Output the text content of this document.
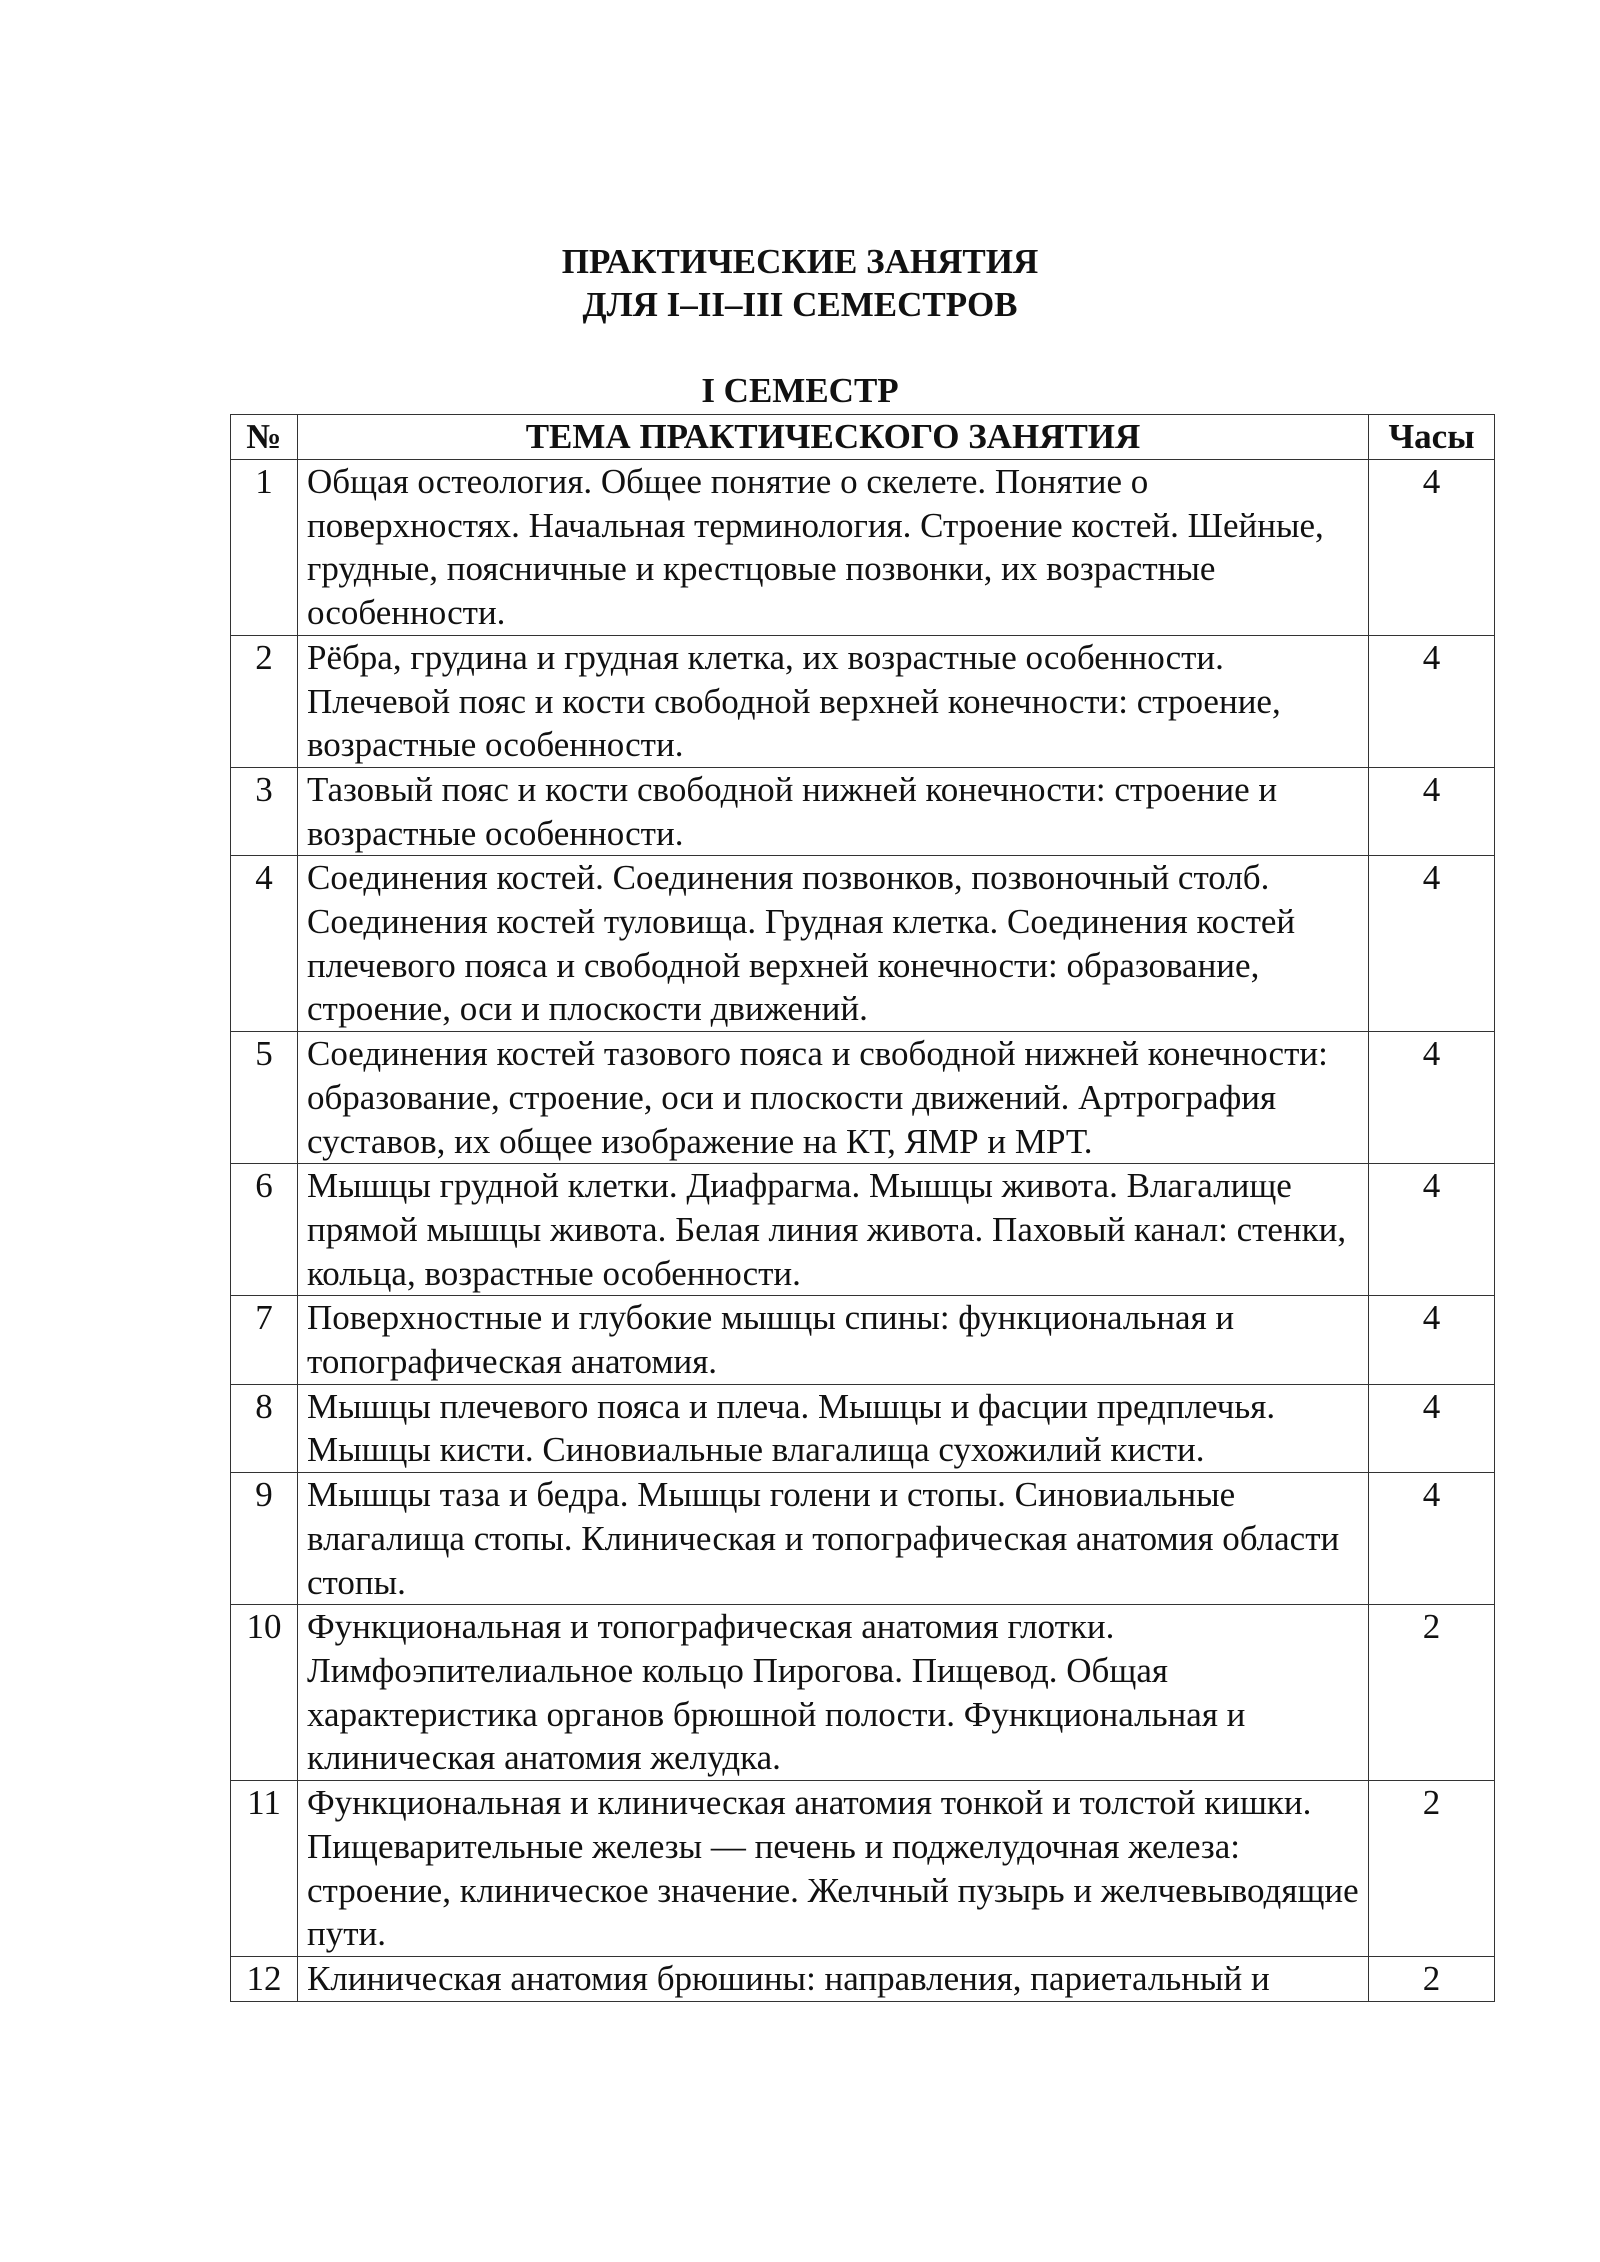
ПРАКТИЧЕСКИЕ ЗАНЯТИЯ
ДЛЯ I–II–III СЕМЕСТРОВ
I СЕМЕСТР
№	ТЕМА ПРАКТИЧЕСКОГО ЗАНЯТИЯ	Часы
1	Общая остеология. Общее понятие о скелете. Понятие о поверхностях. Начальная терминология. Строение костей. Шейные, грудные, поясничные и крестцовые позвонки, их возрастные особенности.	4
2	Рёбра, грудина и грудная клетка, их возрастные особенности. Плечевой пояс и кости свободной верхней конечности: строение, возрастные особенности.	4
3	Тазовый пояс и кости свободной нижней конечности: строение и возрастные особенности.	4
4	Соединения костей. Соединения позвонков, позвоночный столб. Соединения костей туловища. Грудная клетка. Соединения костей плечевого пояса и свободной верхней конечности: образование, строение, оси и плоскости движений.	4
5	Соединения костей тазового пояса и свободной нижней конечности: образование, строение, оси и плоскости движений. Артрография суставов, их общее изображение на КТ, ЯМР и МРТ.	4
6	Мышцы грудной клетки. Диафрагма. Мышцы живота. Влагалище прямой мышцы живота. Белая линия живота. Паховый канал: стенки, кольца, возрастные особенности.	4
7	Поверхностные и глубокие мышцы спины: функциональная и топографическая анатомия.	4
8	Мышцы плечевого пояса и плеча. Мышцы и фасции предплечья. Мышцы кисти. Синовиальные влагалища сухожилий кисти.	4
9	Мышцы таза и бедра. Мышцы голени и стопы. Синовиальные влагалища стопы. Клиническая и топографическая анатомия области стопы.	4
10	Функциональная и топографическая анатомия глотки. Лимфоэпителиальное кольцо Пирогова. Пищевод. Общая характеристика органов брюшной полости. Функциональная и клиническая анатомия желудка.	2
11	Функциональная и клиническая анатомия тонкой и толстой кишки. Пищеварительные железы — печень и поджелудочная железа: строение, клиническое значение. Желчный пузырь и желчевыводящие пути.	2
12	Клиническая анатомия брюшины: направления, париетальный и	2
